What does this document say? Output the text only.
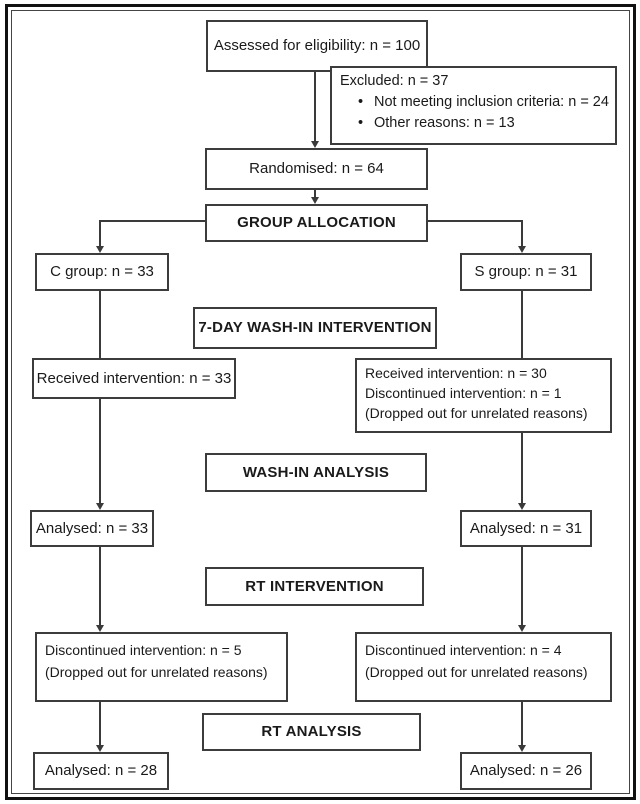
Assessed for eligibility: n = 100
Excluded: n = 37
• Not meeting inclusion criteria: n = 24
• Other reasons: n = 13
Randomised: n = 64
GROUP ALLOCATION
C group: n = 33	S group: n = 31
7-DAY WASH-IN INTERVENTION
Received intervention: n = 33	Received intervention: n = 30
Discontinued intervention: n = 1
(Dropped out for unrelated reasons)
WASH-IN ANALYSIS
Analysed: n = 33	Analysed: n = 31
RT INTERVENTION
Discontinued intervention: n = 5
(Dropped out for unrelated reasons)
Discontinued intervention: n = 4
(Dropped out for unrelated reasons)
RT ANALYSIS
Analysed: n = 28	Analysed: n = 26
